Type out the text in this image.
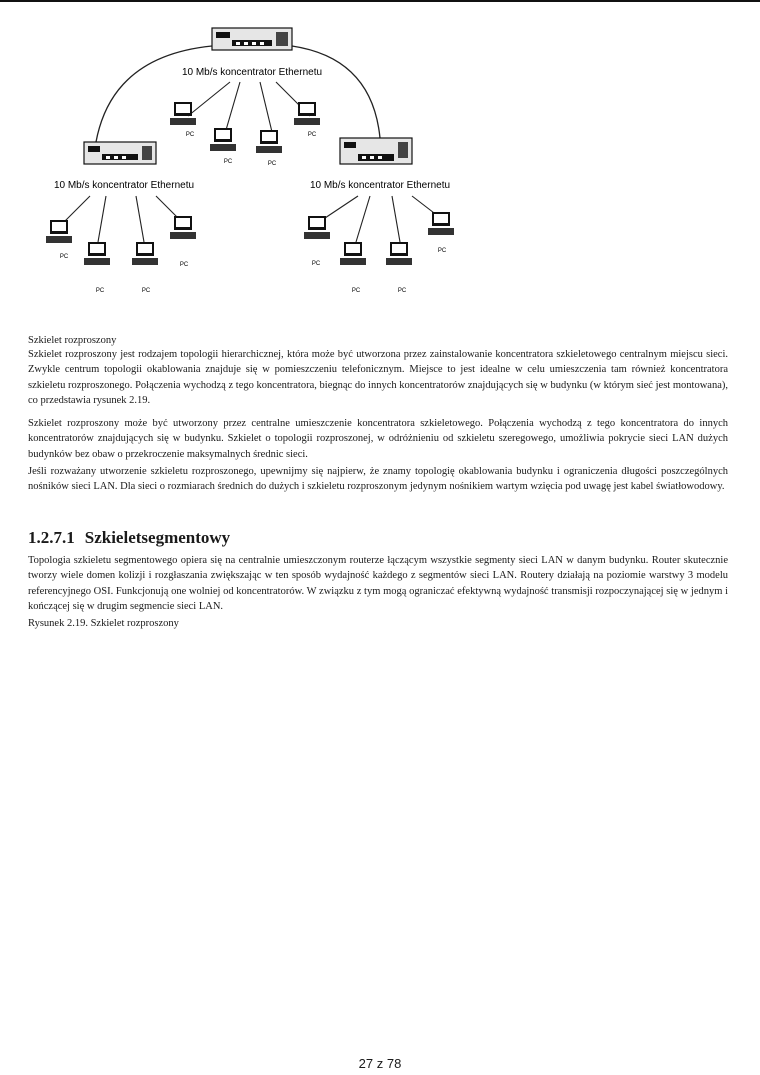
10 Mb/s koncentrator Ethernetu
PC
PC	PC
PC
10 Mb/s koncentrator Ethernetu
PC
PC	PC
PC
10 Mb/s koncentrator Ethernetu
PC
PC	PC
PC
Szkielet rozproszony

Szkielet rozproszony jest rodzajem topologii hierarchicznej, która może być utworzona przez zainstalowanie koncentratora szkieletowego centralnym miejscu sieci. Zwykle centrum topologii okablowania znajduje się w pomieszczeniu telefonicznym. Miejsce to jest idealne w celu umieszczenia tam również koncentratora szkieletu rozproszonego. Połączenia wychodzą z tego koncentratora, biegnąc do innych koncentratorów znajdujących się w budynku (w którym sieć jest montowana), co przedstawia rysunek 2.19.

Szkielet rozproszony może być utworzony przez centralne umieszczenie koncentratora szkieletowego. Połączenia wychodzą z tego koncentratora do innych koncentratorów znajdujących się w budynku. Szkielet o topologii rozproszonej, w odróżnieniu od szkieletu szeregowego, umożliwia pokrycie sieci LAN dużych budynków bez obaw o przekroczenie maksymalnych średnic sieci.

Jeśli rozważany utworzenie szkieletu rozproszonego, upewnijmy się najpierw, że znamy topologię okablowania budynku i ograniczenia długości poszczególnych nośników sieci LAN. Dla sieci o rozmiarach średnich do dużych i szkieletu rozproszonym jedynym nośnikiem wartym wzięcia pod uwagę jest kabel światłowodowy.

1.2.7.1 Szkieletsegmentowy

Topologia szkieletu segmentowego opiera się na centralnie umieszczonym routerze łączącym wszystkie segmenty sieci LAN w danym budynku. Router skutecznie tworzy wiele domen kolizji i rozgłaszania zwiększając w ten sposób wydajność każdego z segmentów sieci LAN. Routery działają na poziomie warstwy 3 modelu referencyjnego OSI. Funkcjonują one wolniej od koncentratorów. W związku z tym mogą ograniczać efektywną wydajność transmisji rozpoczynającej się w jednym i kończącej się w drugim segmencie sieci LAN.

Rysunek 2.19. Szkielet rozproszony
27 z 78
